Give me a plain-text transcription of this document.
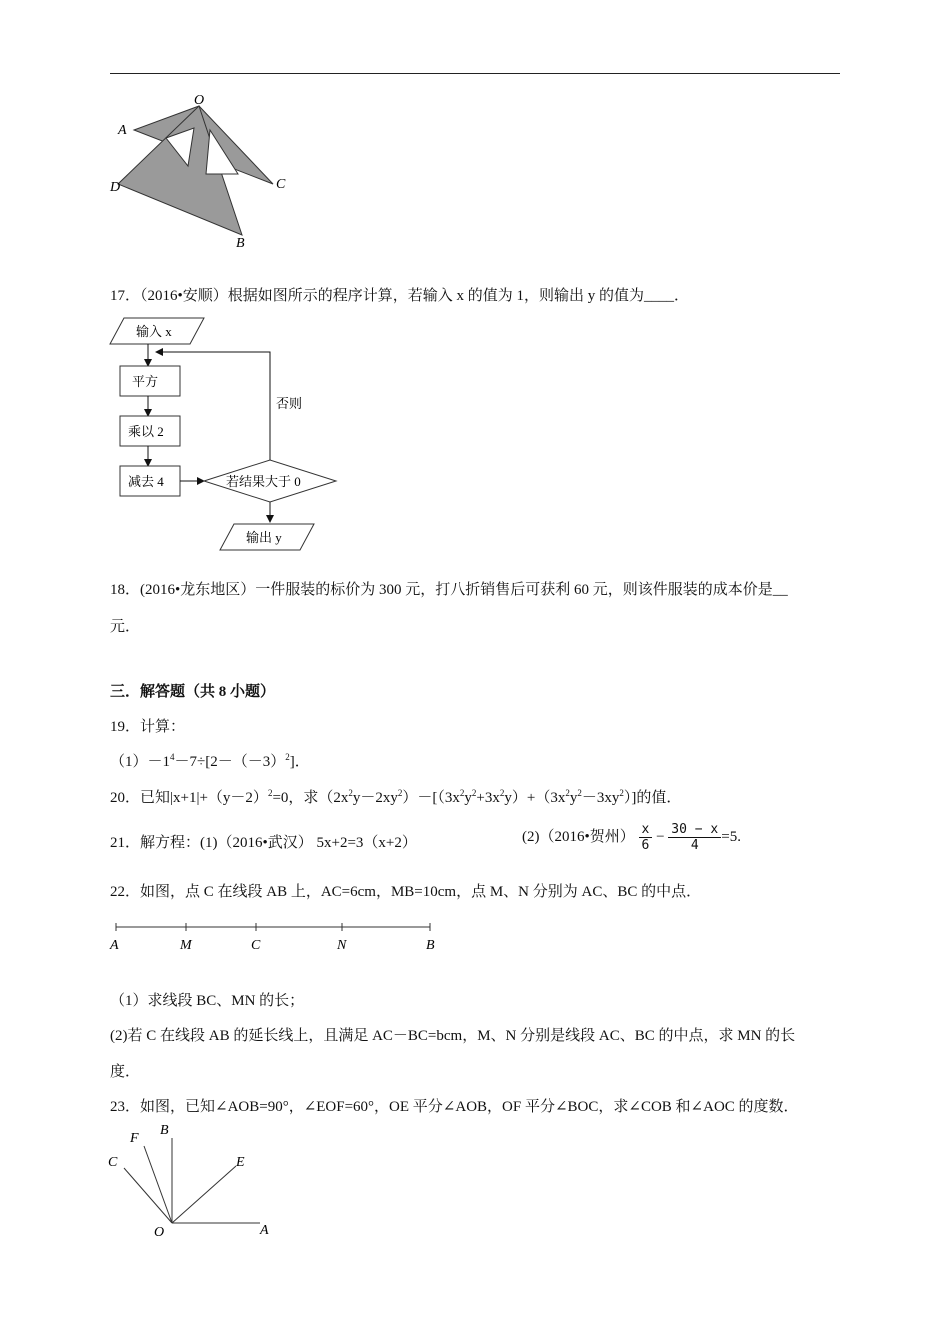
O
A
D	C
B
17．（2016•安顺）根据如图所示的程序计算，若输入 x 的值为 1，则输出 y 的值为____．
输入 x
平方
乘以 2
减去 4	若结果大于 0
否则
输出 y
18．(2016•龙东地区）一件服装的标价为 300 元，打八折销售后可获利 60 元，则该件服装的成本价是__
元．
三．解答题（共 8 小题）
19．计算：
$(1)-1^4-7\div[2-(-3)^2]$．
20．已知$|x+1|+(y-2)^2=0$，求$(2x^2y-2xy^2)-[(3x^2y^2+3x^2y)+(3x^2y^2-3xy^2)]$的值．
21．解方程：(1)（2016•武汉） 5x+2=3（x+2）	(2)（2016•贺州） $\frac{x}{6} - \frac{30 - x}{4} =5$.
22．如图，点 C 在线段 AB 上，AC=6cm，MB=10cm，点 M、N 分别为 AC、BC 的中点．
A	M	C	N	B
（1）求线段 BC、MN 的长；
(2)若 C 在线段 AB 的延长线上，且满足 AC－BC=bcm，M、N 分别是线段 AC、BC 的中点，求 MN 的长
度．
23．如图，已知∠AOB=90°，∠EOF=60°，OE 平分∠AOB，OF 平分∠BOC，求∠COB 和∠AOC 的度数．
F
B
C	E
O	A
